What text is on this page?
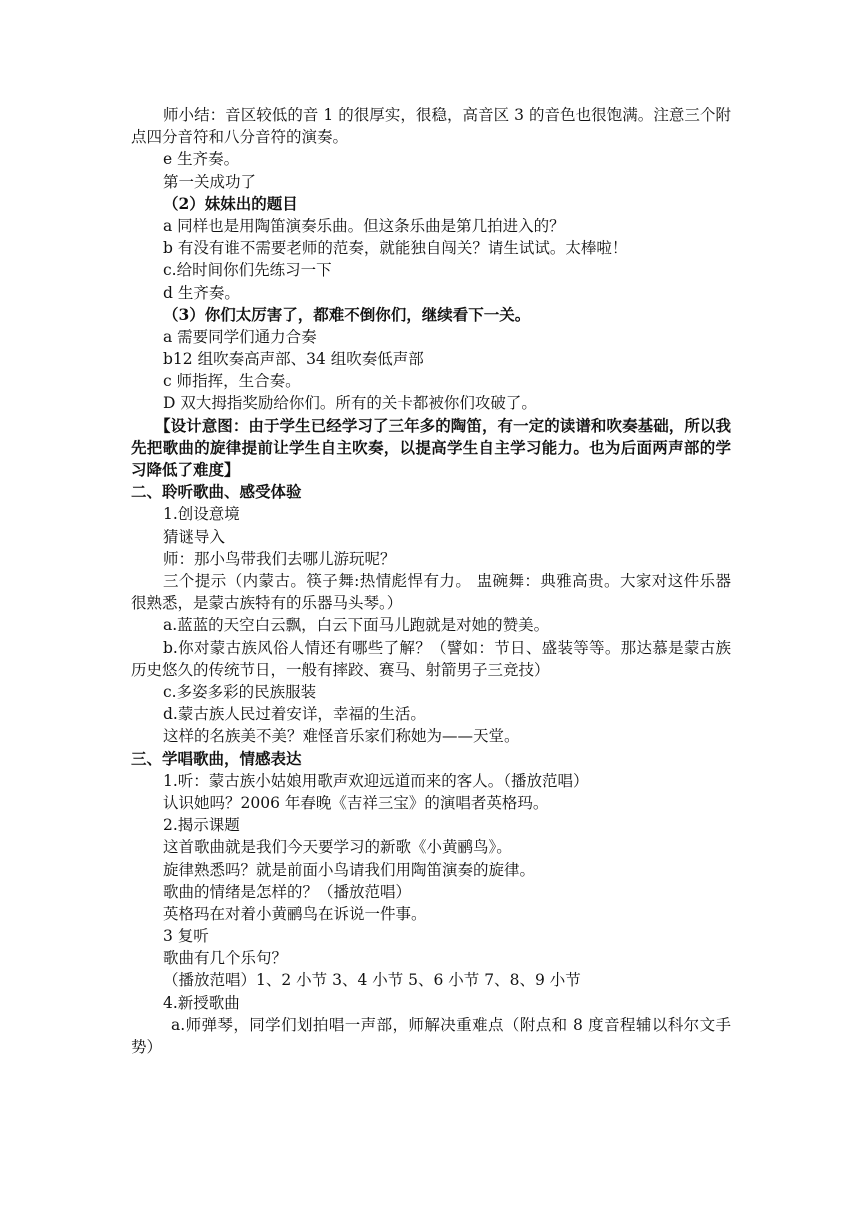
师小结：音区较低的音 1 的很厚实，很稳，高音区 3 的音色也很饱满。注意三个附点四分音符和八分音符的演奏。
e 生齐奏。
第一关成功了
（2）妹妹出的题目
a 同样也是用陶笛演奏乐曲。但这条乐曲是第几拍进入的？
b 有没有谁不需要老师的范奏，就能独自闯关？请生试试。太棒啦！
c.给时间你们先练习一下
d 生齐奏。
（3）你们太厉害了，都难不倒你们，继续看下一关。
a 需要同学们通力合奏
b12 组吹奏高声部、34 组吹奏低声部
c 师指挥，生合奏。
D 双大拇指奖励给你们。所有的关卡都被你们攻破了。
【设计意图：由于学生已经学习了三年多的陶笛，有一定的读谱和吹奏基础，所以我先把歌曲的旋律提前让学生自主吹奏，以提高学生自主学习能力。也为后面两声部的学习降低了难度】
二、聆听歌曲、感受体验
1.创设意境
猜谜导入
师：那小鸟带我们去哪儿游玩呢？
三个提示（内蒙古。筷子舞:热情彪悍有力。 盅碗舞：典雅高贵。大家对这件乐器很熟悉，是蒙古族特有的乐器马头琴。）
a.蓝蓝的天空白云飘，白云下面马儿跑就是对她的赞美。
b.你对蒙古族风俗人情还有哪些了解？（譬如：节日、盛装等等。那达慕是蒙古族历史悠久的传统节日，一般有摔跤、赛马、射箭男子三竞技）
c.多姿多彩的民族服装
d.蒙古族人民过着安详，幸福的生活。
这样的名族美不美？难怪音乐家们称她为——天堂。
三、学唱歌曲，情感表达
1.听：蒙古族小姑娘用歌声欢迎远道而来的客人。（播放范唱）
认识她吗？2006 年春晚《吉祥三宝》的演唱者英格玛。
2.揭示课题
这首歌曲就是我们今天要学习的新歌《小黄鹂鸟》。
旋律熟悉吗？就是前面小鸟请我们用陶笛演奏的旋律。
歌曲的情绪是怎样的？（播放范唱）
英格玛在对着小黄鹂鸟在诉说一件事。
3 复听
歌曲有几个乐句？
（播放范唱）1、2 小节 3、4 小节 5、6 小节 7、8、9 小节
4.新授歌曲
a.师弹琴，同学们划拍唱一声部，师解决重难点（附点和 8 度音程辅以科尔文手势）
